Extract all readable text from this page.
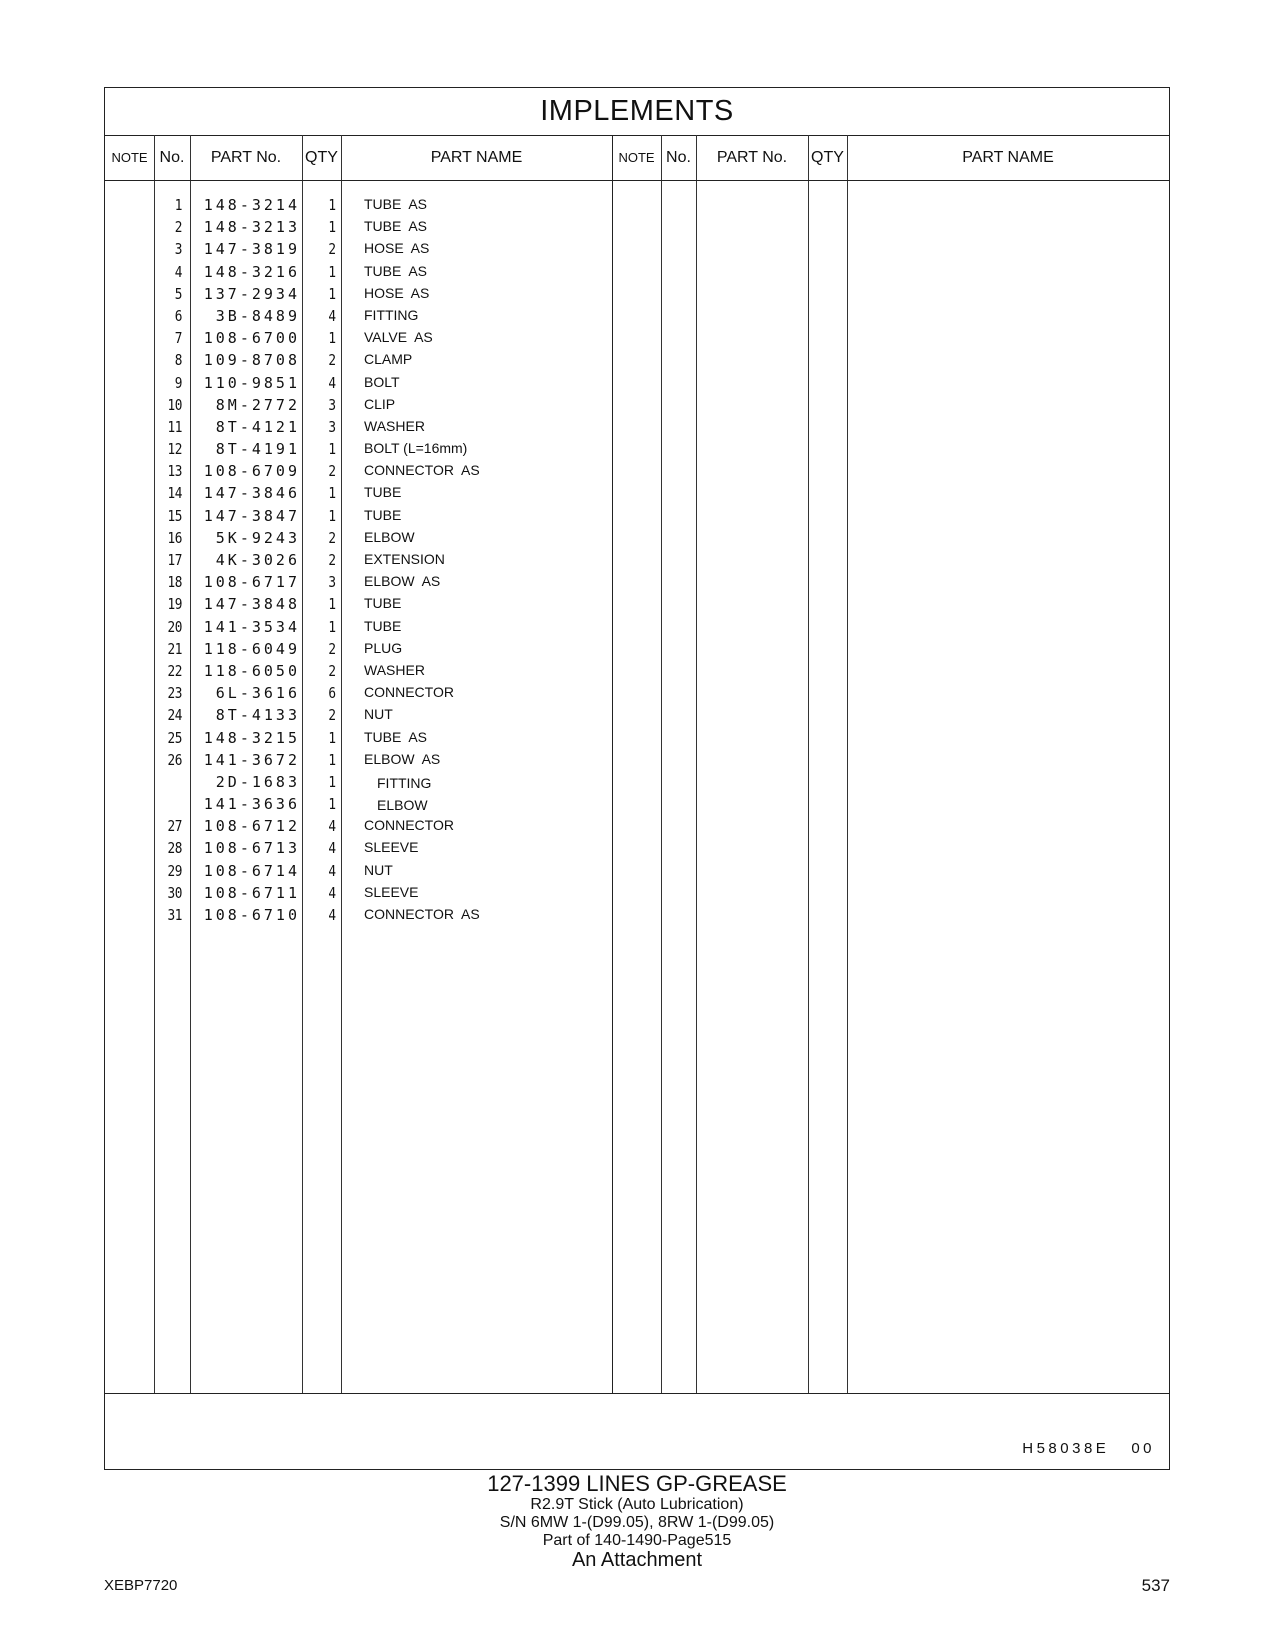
IMPLEMENTS
NOTE No.	PART No.	QTY	PART NAME	NOTE No.	PART No.	QTY	PART NAME
1 148-3214	1 TUBE  AS
2 148-3213	1 TUBE  AS
3 147-3819	2 HOSE  AS
4 148-3216	1 TUBE  AS
5 137-2934	1 HOSE  AS
6	3B-8489	4 FITTING
7 108-6700	1 VALVE  AS
8 109-8708	2 CLAMP
9 110-9851	4 BOLT
10	8M-2772	3 CLIP
11	8T-4121	3 WASHER
12	8T-4191	1 BOLT (L=16mm)
13 108-6709	2 CONNECTOR  AS
14 147-3846	1 TUBE
15 147-3847	1 TUBE
16	5K-9243	2 ELBOW
17	4K-3026	2 EXTENSION
18 108-6717	3 ELBOW  AS
19 147-3848	1 TUBE
20 141-3534	1 TUBE
21 118-6049	2 PLUG
22 118-6050	2 WASHER
23	6L-3616	6 CONNECTOR
24	8T-4133	2 NUT
25 148-3215	1 TUBE  AS
26 141-3672	1 ELBOW  AS
2D-1683	1	FITTING
141-3636	1	ELBOW
27 108-6712	4 CONNECTOR
28 108-6713	4 SLEEVE
29 108-6714	4 NUT
30 108-6711	4 SLEEVE
31 108-6710	4 CONNECTOR  AS
H58038E 00
127-1399 LINES GP-GREASE
R2.9T Stick (Auto Lubrication)
S/N 6MW 1-(D99.05), 8RW 1-(D99.05)
Part of 140-1490-Page515
An Attachment
XEBP7720	537
